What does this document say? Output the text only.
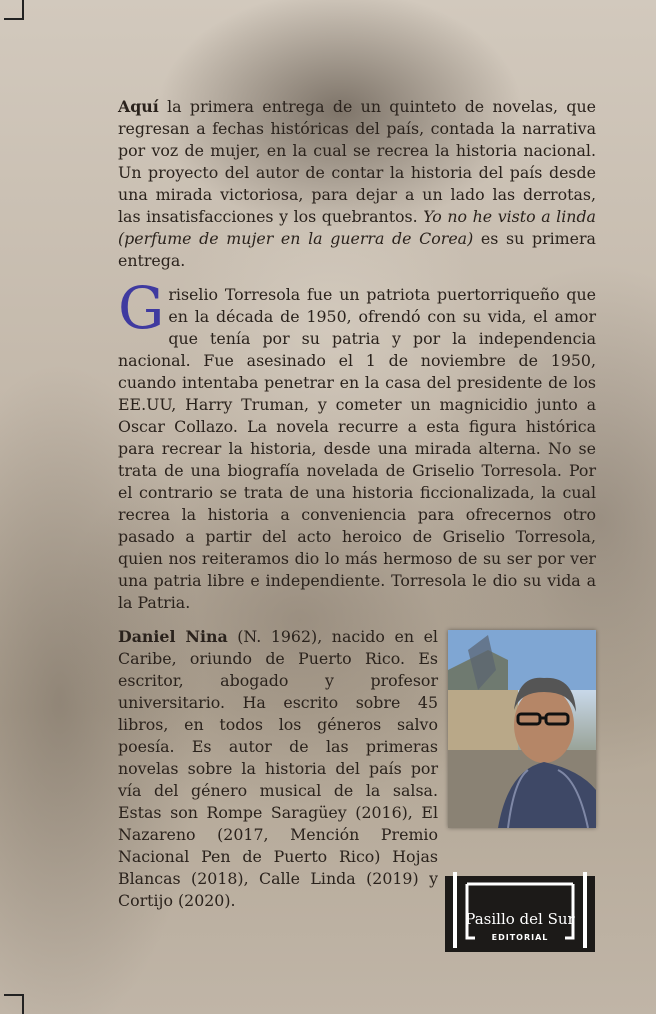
Aquí la primera entrega de un quinteto de novelas, que regresan a fechas históricas del país, contada la narrativa por voz de mujer, en la cual se recrea la historia nacional. Un proyecto del autor de contar la historia del país desde una mirada victoriosa, para dejar a un lado las derrotas, las insatisfacciones y los quebrantos. Yo no he visto a linda (perfume de mujer en la guerra de Corea) es su primera entrega.
Griselio Torresola fue un patriota puertorriqueño que en la década de 1950, ofrendó con su vida, el amor que tenía por su patria y por la independencia nacional. Fue asesinado el 1 de noviembre de 1950, cuando intentaba penetrar en la casa del presidente de los EE.UU, Harry Truman, y cometer un magnicidio junto a Oscar Collazo. La novela recurre a esta figura histórica para recrear la historia, desde una mirada alterna. No se trata de una biografía novelada de Griselio Torresola. Por el contrario se trata de una historia ficcionalizada, la cual recrea la historia a conveniencia para ofrecernos otro pasado a partir del acto heroico de Griselio Torresola, quien nos reiteramos dio lo más hermoso de su ser por ver una patria libre e independiente. Torresola le dio su vida a la Patria.
Daniel Nina (N. 1962), nacido en el Caribe, oriundo de Puerto Rico. Es escritor, abogado y profesor universitario. Ha escrito sobre 45 libros, en todos los géneros salvo poesía. Es autor de las primeras novelas sobre la historia del país por vía del género musical de la salsa. Estas son Rompe Saragüey (2016), El Nazareno (2017, Mención Premio Nacional Pen de Puerto Rico) Hojas Blancas (2018), Calle Linda (2019) y Cortijo (2020).
Pasillo del Sur
EDITORIAL
